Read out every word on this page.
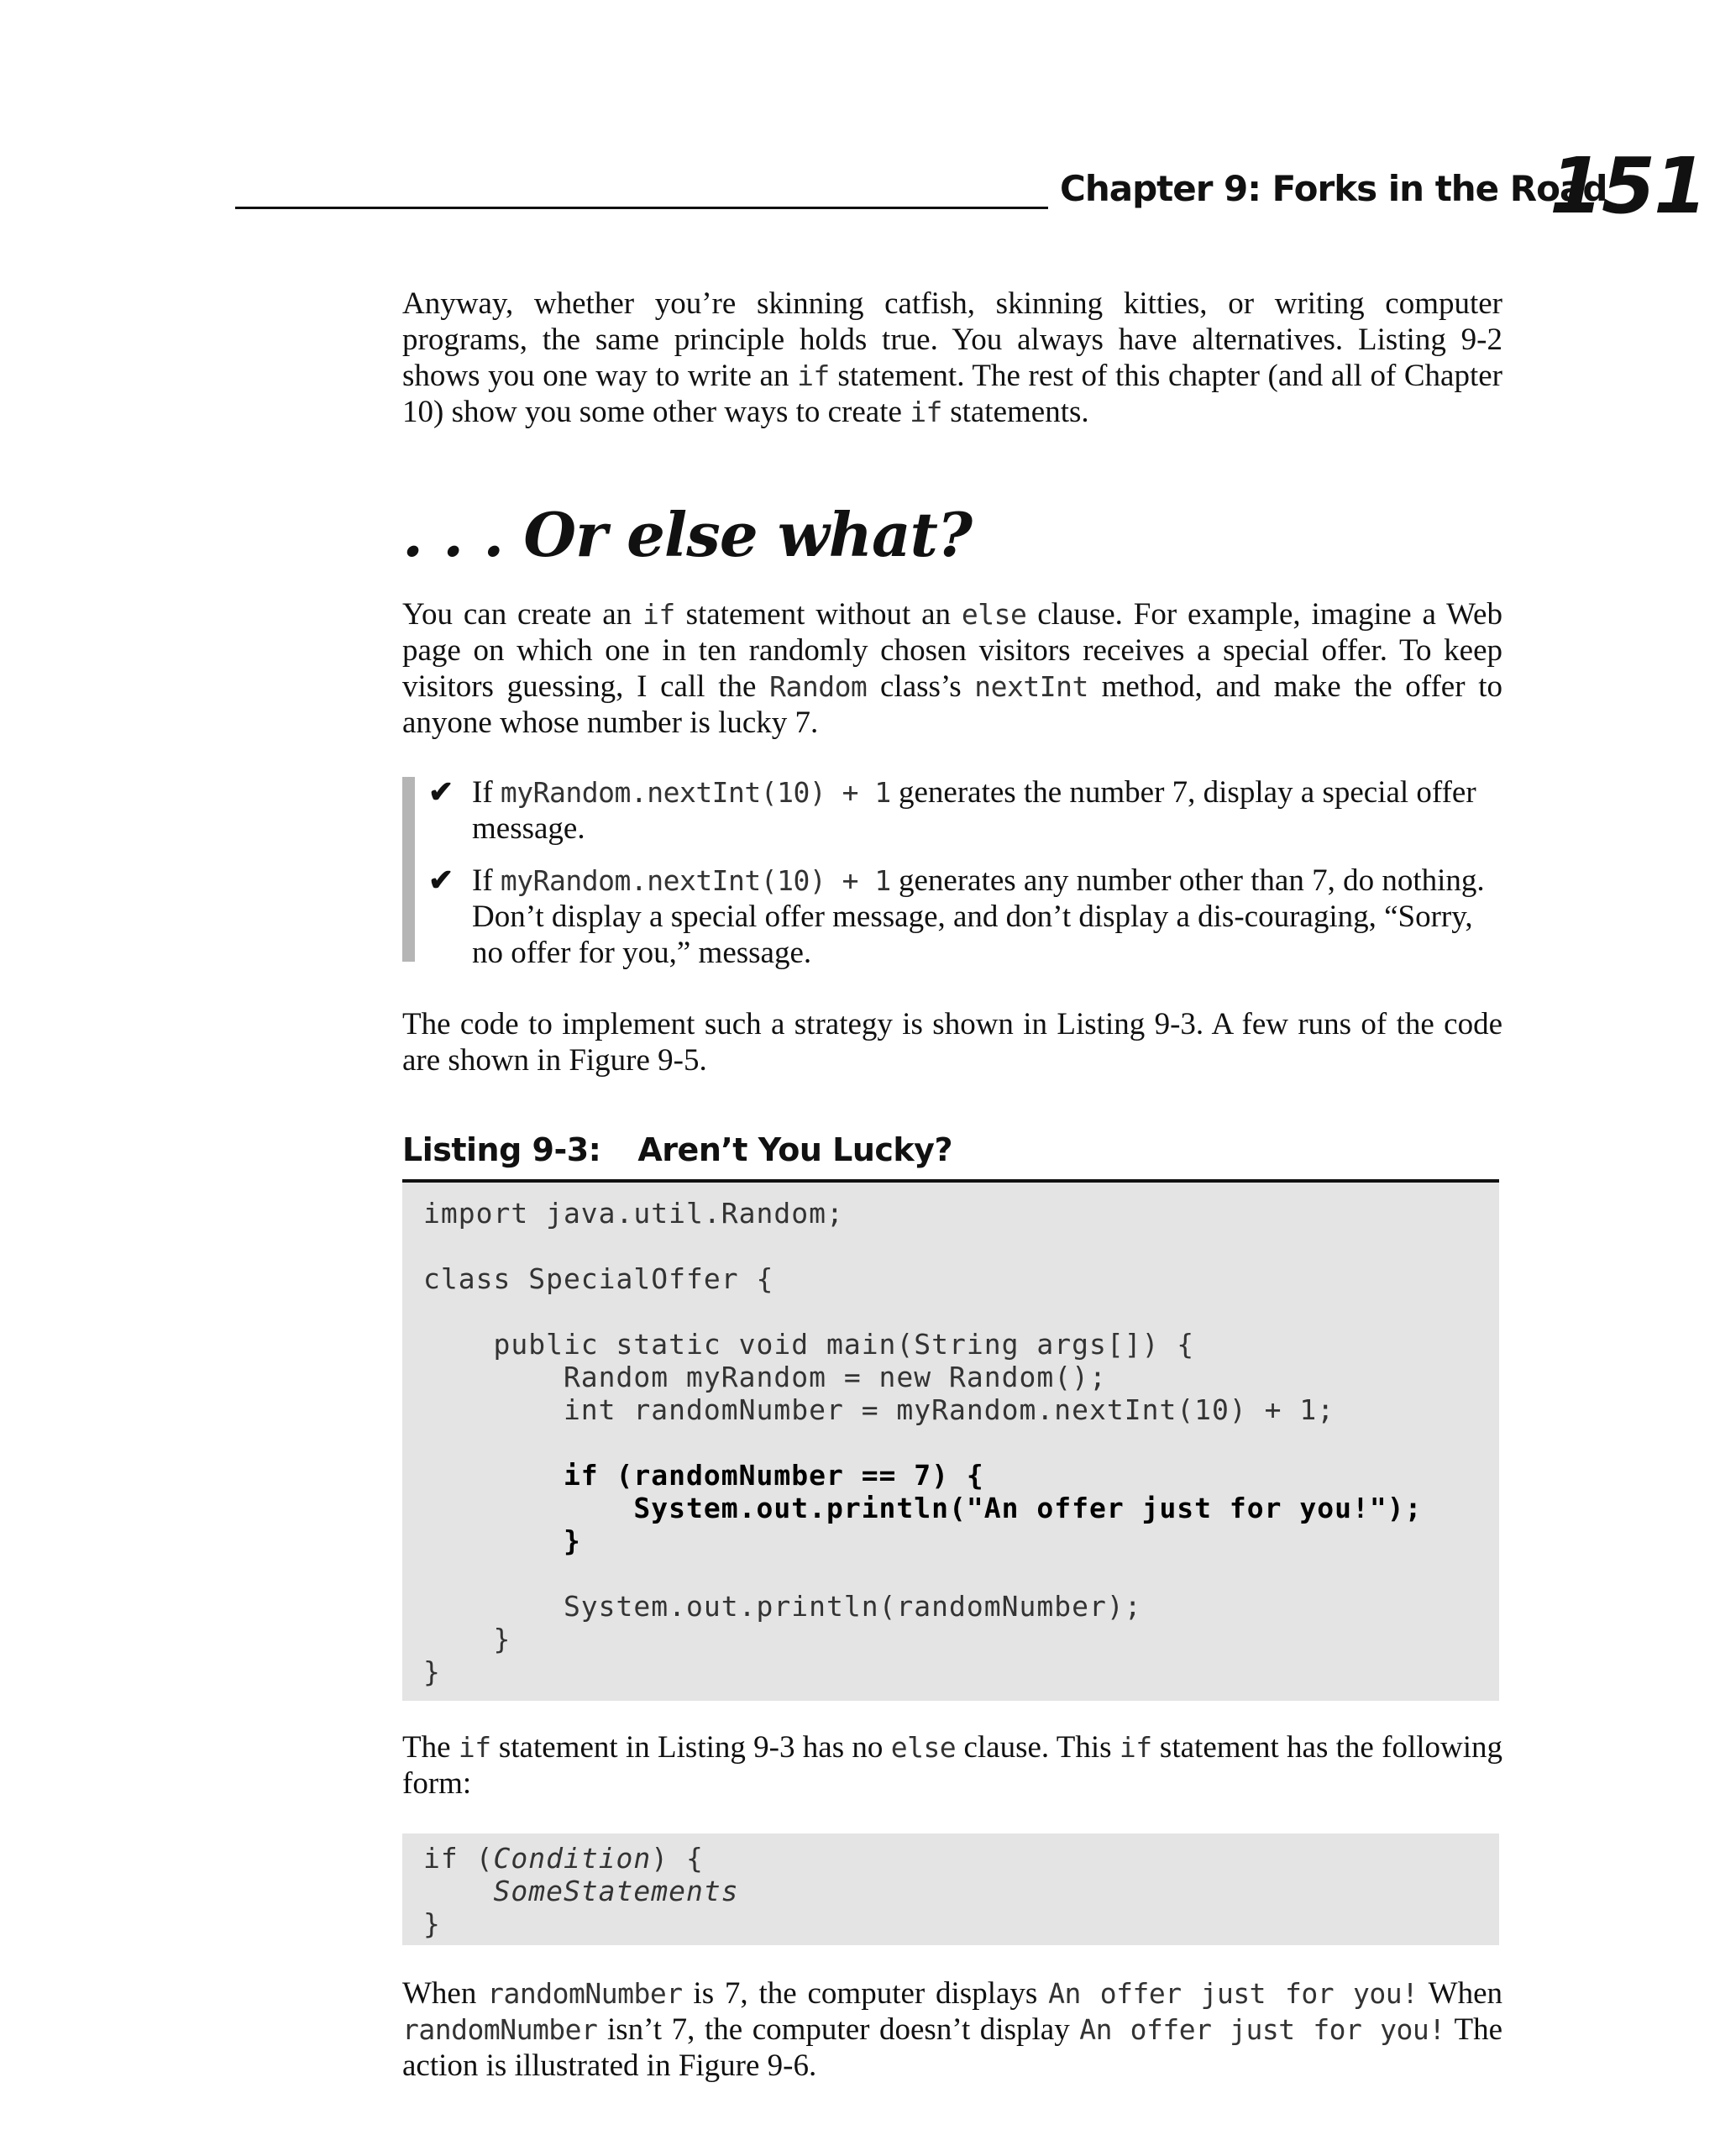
Chapter 9: Forks in the Road
151

Anyway, whether you’re skinning catfish, skinning kitties, or writing computer programs, the same principle holds true. You always have alternatives. Listing 9-2 shows you one way to write an if statement. The rest of this chapter (and all of Chapter 10) show you some other ways to create if statements.

. . . Or else what?

You can create an if statement without an else clause. For example, imagine a Web page on which one in ten randomly chosen visitors receives a special offer. To keep visitors guessing, I call the Random class’s nextInt method, and make the offer to anyone whose number is lucky 7.

✔ If myRandom.nextInt(10) + 1 generates the number 7, display a special offer message.

✔ If myRandom.nextInt(10) + 1 generates any number other than 7, do nothing. Don’t display a special offer message, and don’t display a dis-couraging, “Sorry, no offer for you,” message.

The code to implement such a strategy is shown in Listing 9-3. A few runs of the code are shown in Figure 9-5.

Listing 9-3: Aren’t You Lucky?
import java.util.Random;
class SpecialOffer {
public static void main(String args[]) {
Random myRandom = new Random();
int randomNumber = myRandom.nextInt(10) + 1;
if (randomNumber == 7) {
System.out.println("An offer just for you!");
}
System.out.println(randomNumber);
}
}

The if statement in Listing 9-3 has no else clause. This if statement has the following form:

if (Condition) {
SomeStatements
}

When randomNumber is 7, the computer displays An offer just for you! When randomNumber isn’t 7, the computer doesn’t display An offer just for you! The action is illustrated in Figure 9-6.
